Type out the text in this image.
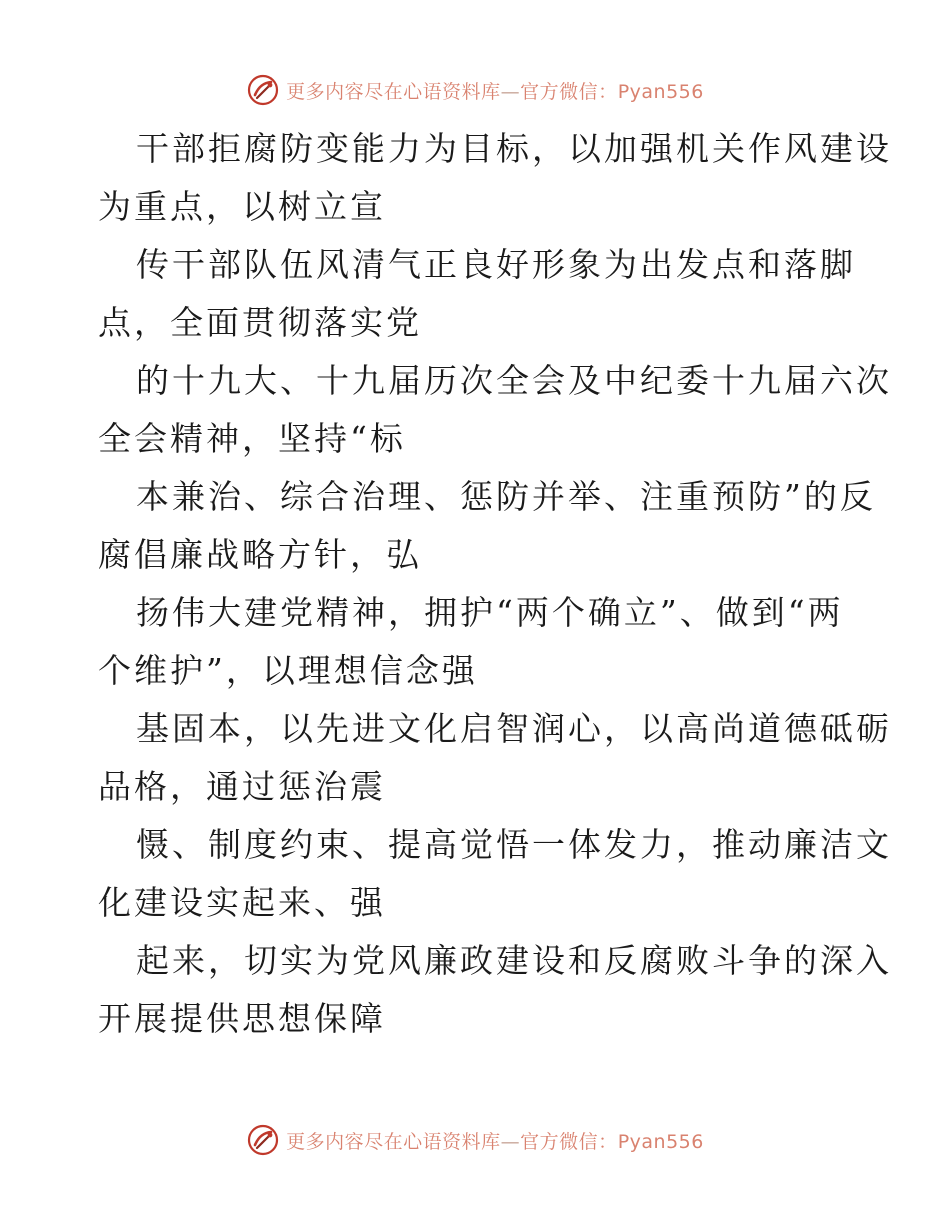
更多内容尽在心语资料库—官方微信：Pyan556

干部拒腐防变能力为目标，以加强机关作风建设
为重点，以树立宣

传干部队伍风清气正良好形象为出发点和落脚
点，全面贯彻落实党

的十九大、十九届历次全会及中纪委十九届六次
全会精神，坚持“标

本兼治、综合治理、惩防并举、注重预防”的反
腐倡廉战略方针，弘

扬伟大建党精神，拥护“两个确立”、做到“两
个维护”，以理想信念强

基固本，以先进文化启智润心，以高尚道德砥砺
品格，通过惩治震

慑、制度约束、提高觉悟一体发力，推动廉洁文
化建设实起来、强

起来，切实为党风廉政建设和反腐败斗争的深入
开展提供思想保障

更多内容尽在心语资料库—官方微信：Pyan556
